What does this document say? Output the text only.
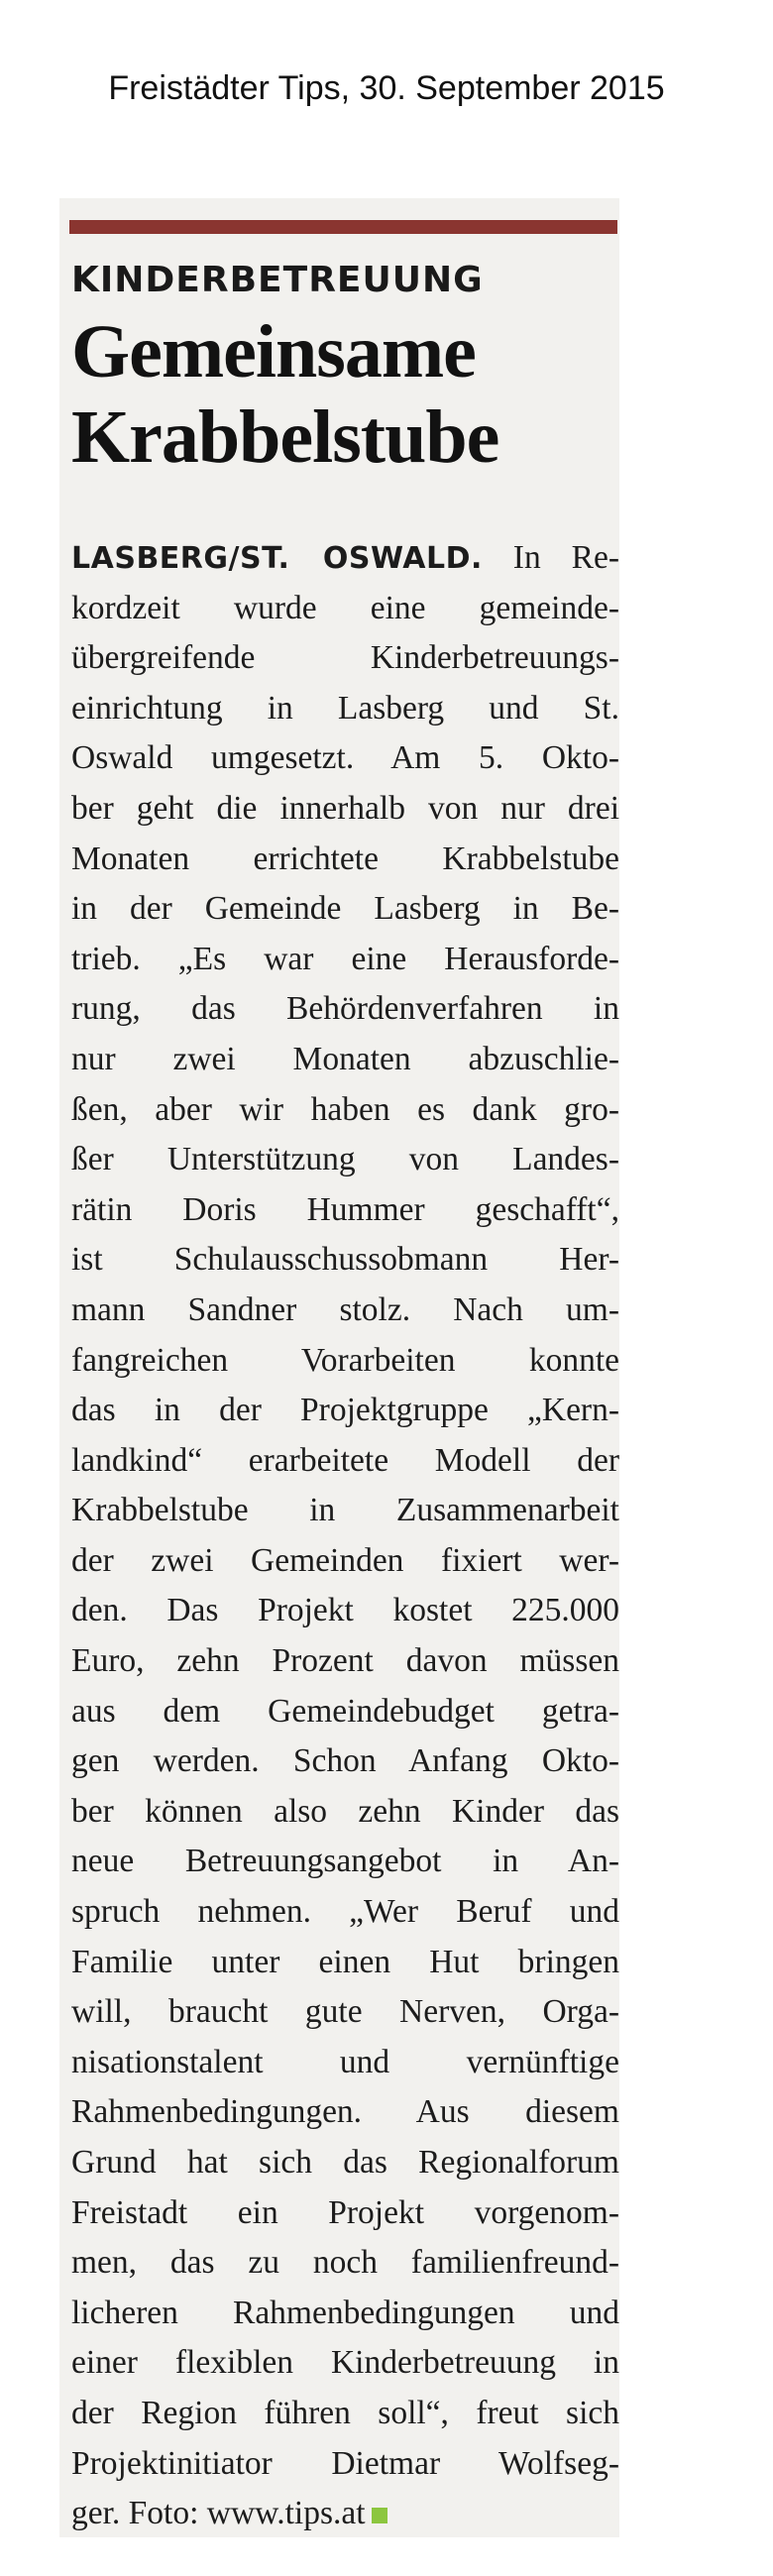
Freistädter Tips, 30. September 2015
KINDERBETREUUNG
Gemeinsame
Krabbelstube
LASBERG/ST. OSWALD. In Re-
kordzeit wurde eine gemeinde-
übergreifende Kinderbetreuungs-
einrichtung in Lasberg und St.
Oswald umgesetzt. Am 5. Okto-
ber geht die innerhalb von nur drei
Monaten errichtete Krabbelstube
in der Gemeinde Lasberg in Be-
trieb. „Es war eine Herausforde-
rung, das Behördenverfahren in
nur zwei Monaten abzuschlie-
ßen, aber wir haben es dank gro-
ßer Unterstützung von Landes-
rätin Doris Hummer geschafft“,
ist Schulausschussobmann Her-
mann Sandner stolz. Nach um-
fangreichen Vorarbeiten konnte
das in der Projektgruppe „Kern-
landkind“ erarbeitete Modell der
Krabbelstube in Zusammenarbeit
der zwei Gemeinden fixiert wer-
den. Das Projekt kostet 225.000
Euro, zehn Prozent davon müssen
aus dem Gemeindebudget getra-
gen werden. Schon Anfang Okto-
ber können also zehn Kinder das
neue Betreuungsangebot in An-
spruch nehmen. „Wer Beruf und
Familie unter einen Hut bringen
will, braucht gute Nerven, Orga-
nisationstalent und vernünftige
Rahmenbedingungen. Aus diesem
Grund hat sich das Regionalforum
Freistadt ein Projekt vorgenom-
men, das zu noch familienfreund-
licheren Rahmenbedingungen und
einer flexiblen Kinderbetreuung in
der Region führen soll“, freut sich
Projektinitiator Dietmar Wolfseg-
ger. Foto: www.tips.at
